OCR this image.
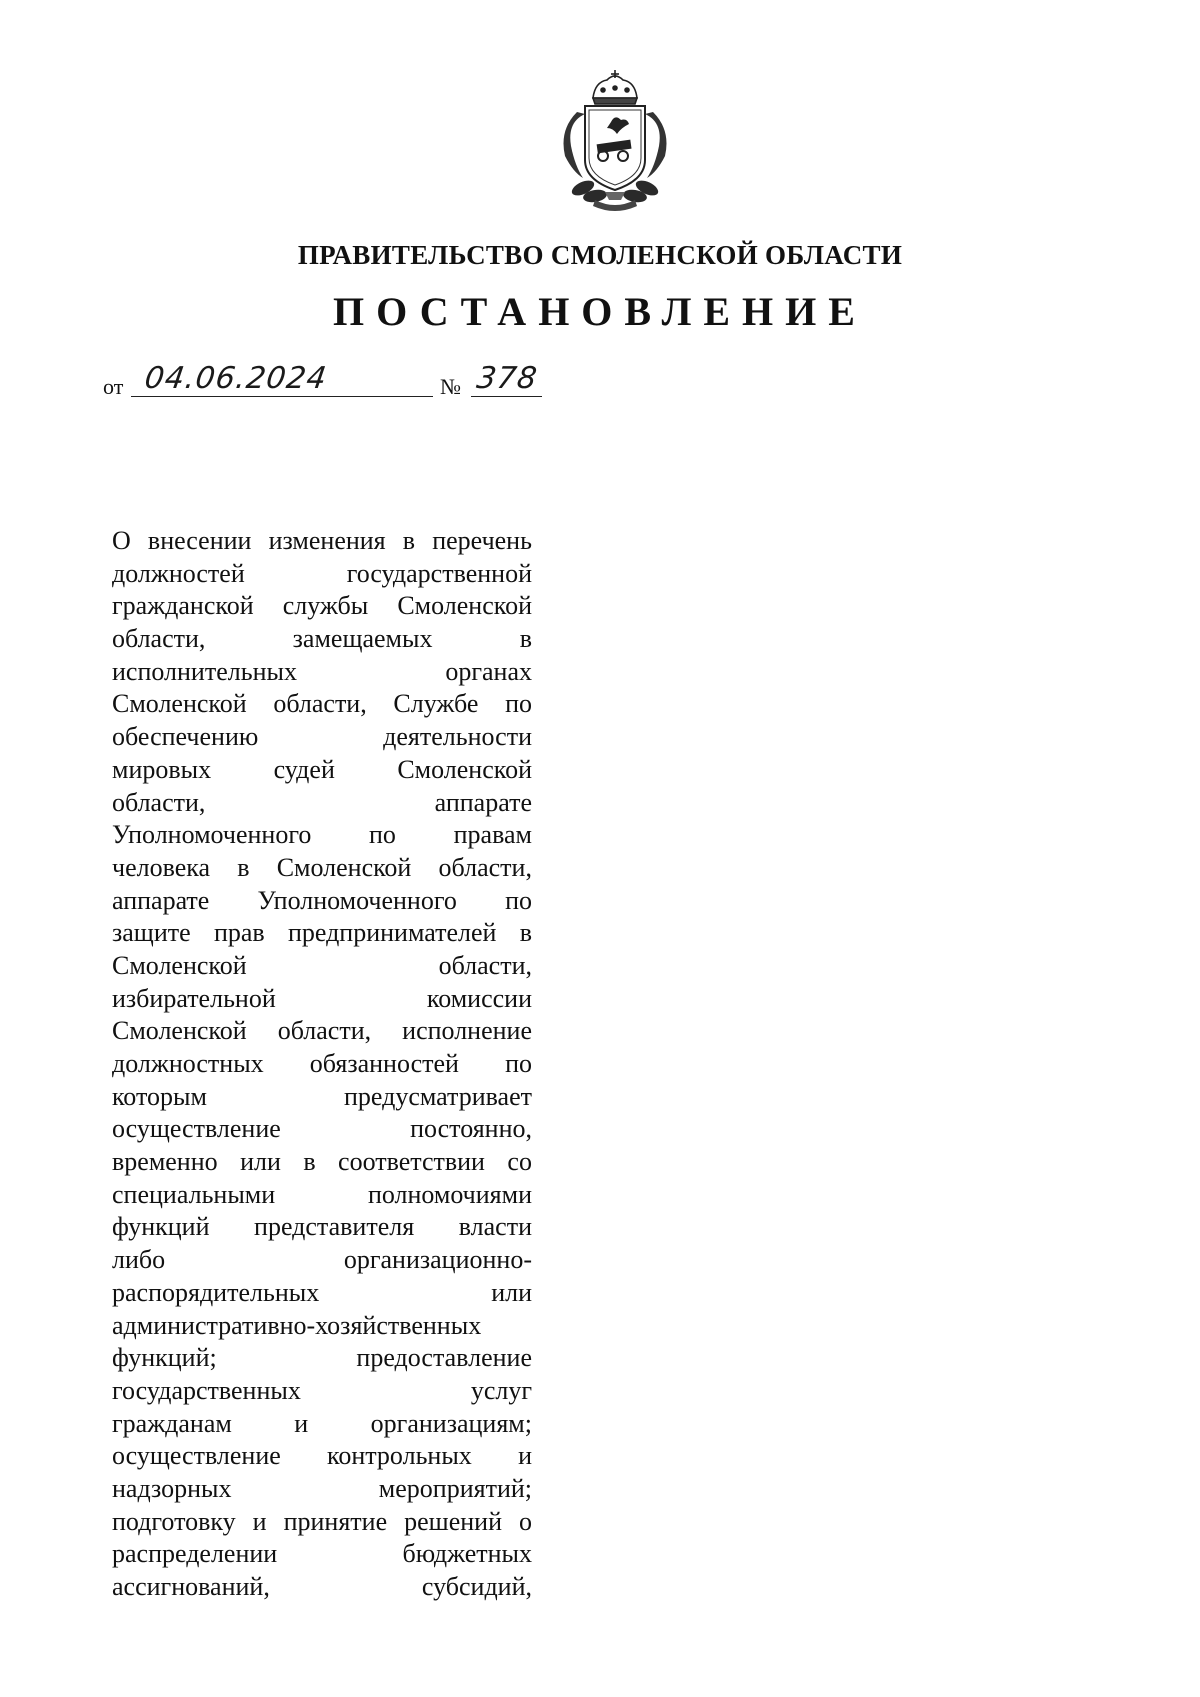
ПРАВИТЕЛЬСТВО СМОЛЕНСКОЙ ОБЛАСТИ
ПОСТАНОВЛЕНИЕ
от 04.06.2024	№ 378
О внесении изменения в перечень
должностей	государственной
гражданской службы Смоленской
области,	замещаемых	в
исполнительных	органах
Смоленской области, Службе по
обеспечению	деятельности
мировых судей Смоленской
области,	аппарате
Уполномоченного по правам
человека в Смоленской области,
аппарате Уполномоченного по
защите прав предпринимателей в
Смоленской	области,
избирательной	комиссии
Смоленской области, исполнение
должностных обязанностей по
которым	предусматривает
осуществление	постоянно,
временно или в соответствии со
специальными	полномочиями
функций представителя власти
либо	организационно-
распорядительных	или
административно-хозяйственных
функций;	предоставление
государственных	услуг
гражданам и организациям;
осуществление контрольных и
надзорных	мероприятий;
подготовку и принятие решений о
распределении	бюджетных
ассигнований,	субсидий,
